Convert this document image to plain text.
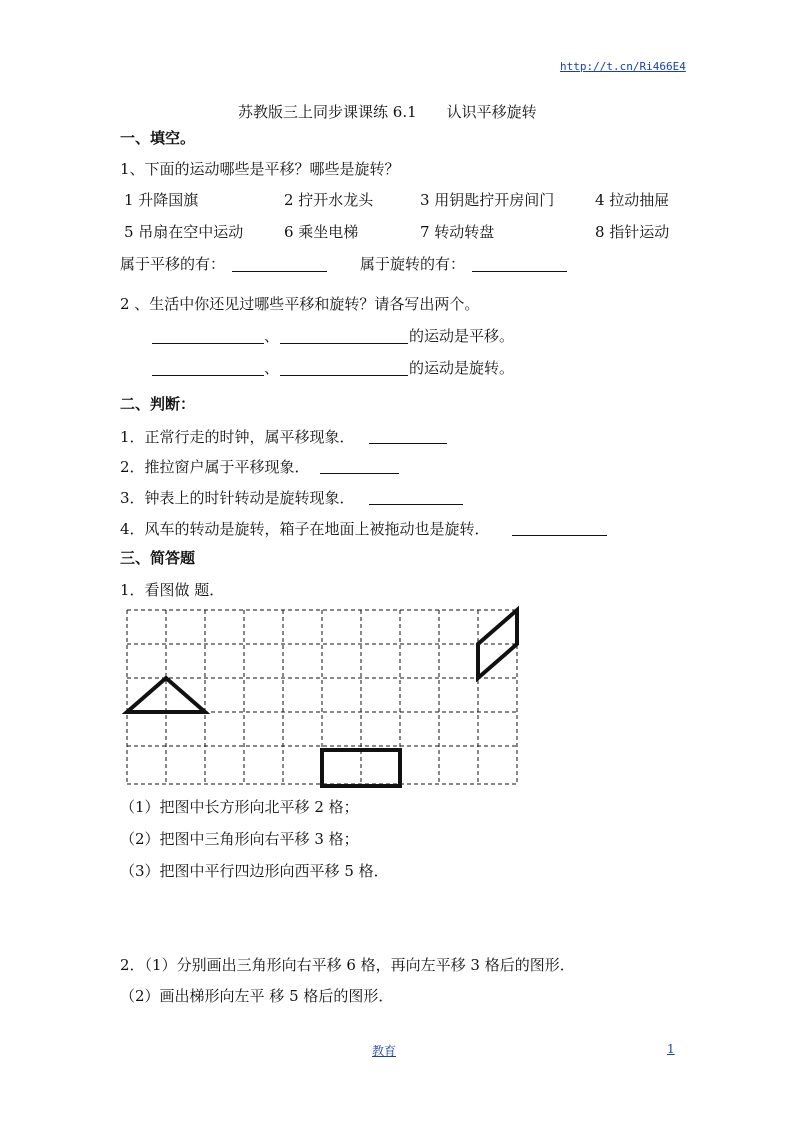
http://t.cn/Ri466E4
苏教版三上同步课课练 6.1　　认识平移旋转
一、填空。
1、下面的运动哪些是平移？哪些是旋转？
1 升降国旗	2 拧开水龙头	3 用钥匙拧开房间门	4 拉动抽屉
5 吊扇在空中运动	6 乘坐电梯	7 转动转盘	8 指针运动
属于平移的有：	属于旋转的有：
2 、生活中你还见过哪些平移和旋转？请各写出两个。
、	的运动是平移。
、	的运动是旋转。
二、判断：
1．正常行走的时钟，属平移现象．
2．推拉窗户属于平移现象．
3．钟表上的时针转动是旋转现象．
4．风车的转动是旋转，箱子在地面上被拖动也是旋转．
三、简答题
1．看图做 题．
（1）把图中长方形向北平移 2 格；
（2）把图中三角形向右平移 3 格；
（3）把图中平行四边形向西平移 5 格．
2．（1）分别画出三角形向右平移 6 格，再向左平移 3 格后的图形．
（2）画出梯形向左平 移 5 格后的图形．
教育	1
